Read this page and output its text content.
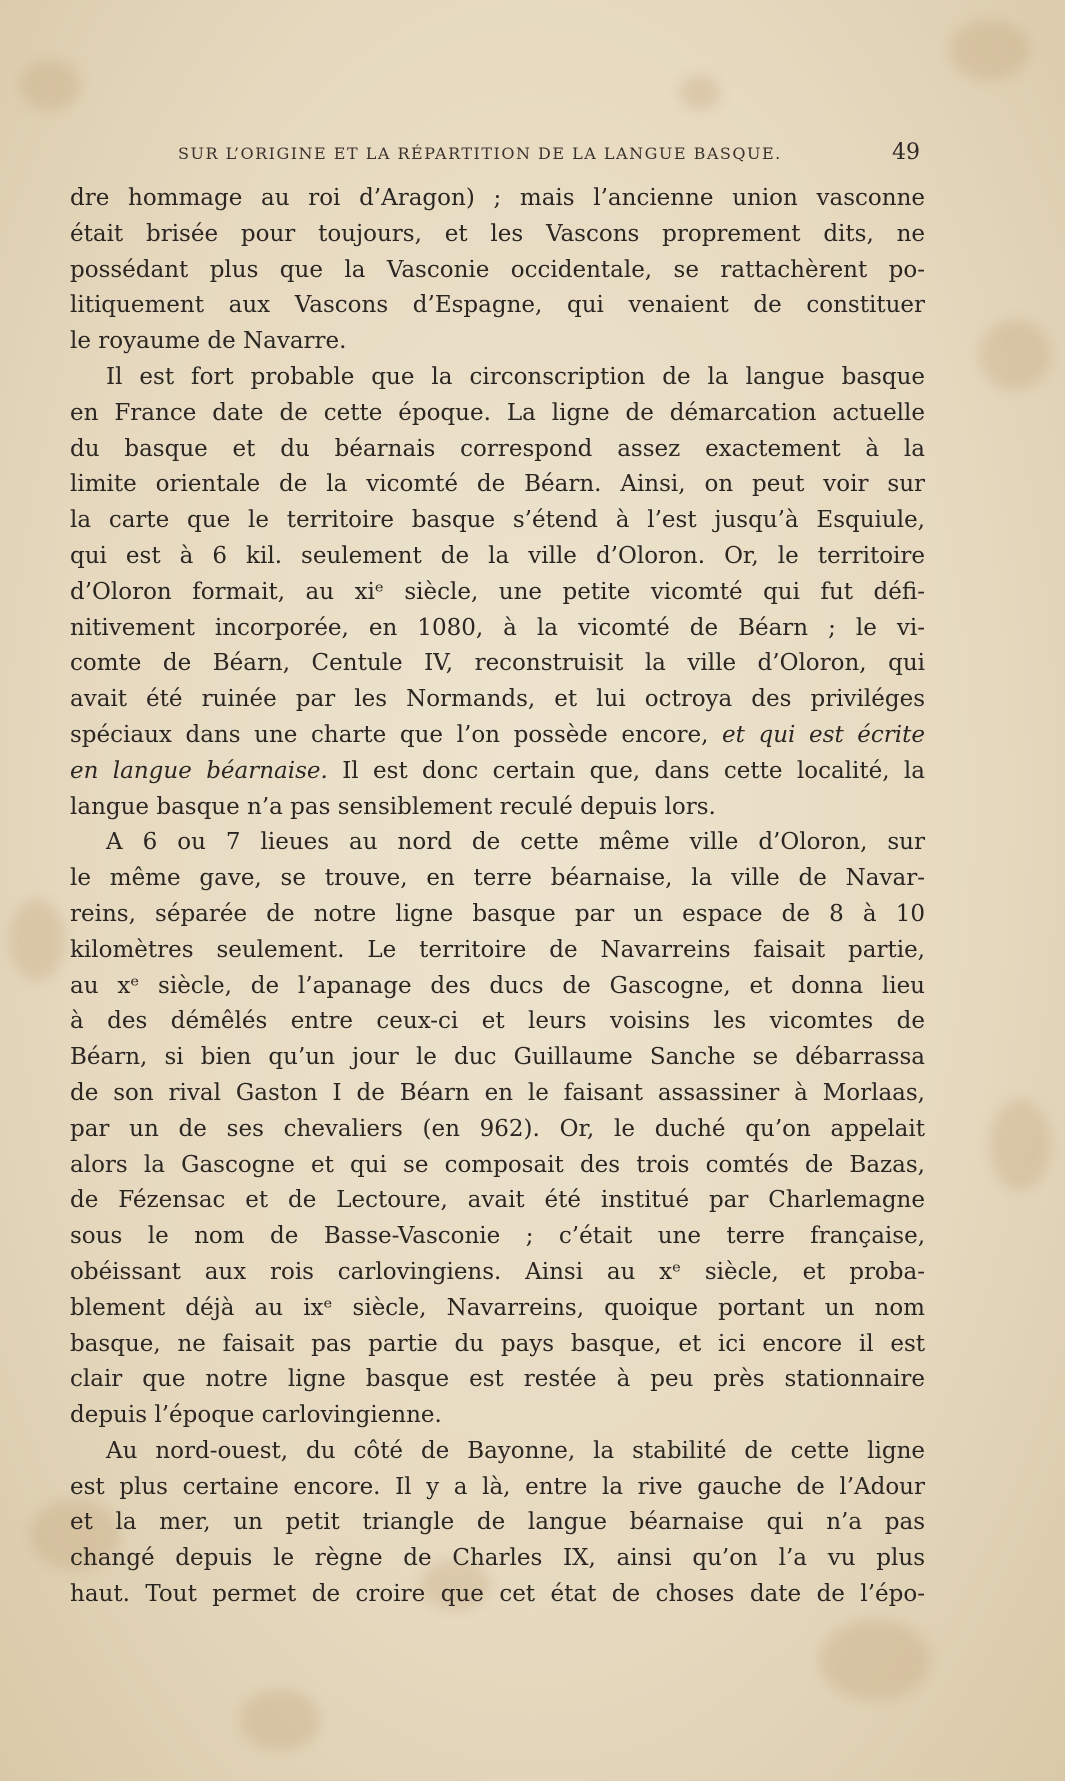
SUR L’ORIGINE ET LA RÉPARTITION DE LA LANGUE BASQUE.	49
dre hommage au roi d’Aragon) ; mais l’ancienne union vasconne
était brisée pour toujours, et les Vascons proprement dits, ne
possédant plus que la Vasconie occidentale, se rattachèrent po-
litiquement aux Vascons d’Espagne, qui venaient de constituer
le royaume de Navarre.
Il est fort probable que la circonscription de la langue basque
en France date de cette époque. La ligne de démarcation actuelle
du basque et du béarnais correspond assez exactement à la
limite orientale de la vicomté de Béarn. Ainsi, on peut voir sur
la carte que le territoire basque s’étend à l’est jusqu’à Esquiule,
qui est à 6 kil. seulement de la ville d’Oloron. Or, le territoire
d’Oloron formait, au xiᵉ siècle, une petite vicomté qui fut défi-
nitivement incorporée, en 1080, à la vicomté de Béarn ; le vi-
comte de Béarn, Centule IV, reconstruisit la ville d’Oloron, qui
avait été ruinée par les Normands, et lui octroya des priviléges
spéciaux dans une charte que l’on possède encore, et qui est écrite
en langue béarnaise. Il est donc certain que, dans cette localité, la
langue basque n’a pas sensiblement reculé depuis lors.
A 6 ou 7 lieues au nord de cette même ville d’Oloron, sur
le même gave, se trouve, en terre béarnaise, la ville de Navar-
reins, séparée de notre ligne basque par un espace de 8 à 10
kilomètres seulement. Le territoire de Navarreins faisait partie,
au xᵉ siècle, de l’apanage des ducs de Gascogne, et donna lieu
à des démêlés entre ceux-ci et leurs voisins les vicomtes de
Béarn, si bien qu’un jour le duc Guillaume Sanche se débarrassa
de son rival Gaston I de Béarn en le faisant assassiner à Morlaas,
par un de ses chevaliers (en 962). Or, le duché qu’on appelait
alors la Gascogne et qui se composait des trois comtés de Bazas,
de Fézensac et de Lectoure, avait été institué par Charlemagne
sous le nom de Basse-Vasconie ; c’était une terre française,
obéissant aux rois carlovingiens. Ainsi au xᵉ siècle, et proba-
blement déjà au ixᵉ siècle, Navarreins, quoique portant un nom
basque, ne faisait pas partie du pays basque, et ici encore il est
clair que notre ligne basque est restée à peu près stationnaire
depuis l’époque carlovingienne.
Au nord-ouest, du côté de Bayonne, la stabilité de cette ligne
est plus certaine encore. Il y a là, entre la rive gauche de l’Adour
et la mer, un petit triangle de langue béarnaise qui n’a pas
changé depuis le règne de Charles IX, ainsi qu’on l’a vu plus
haut. Tout permet de croire que cet état de choses date de l’épo-
